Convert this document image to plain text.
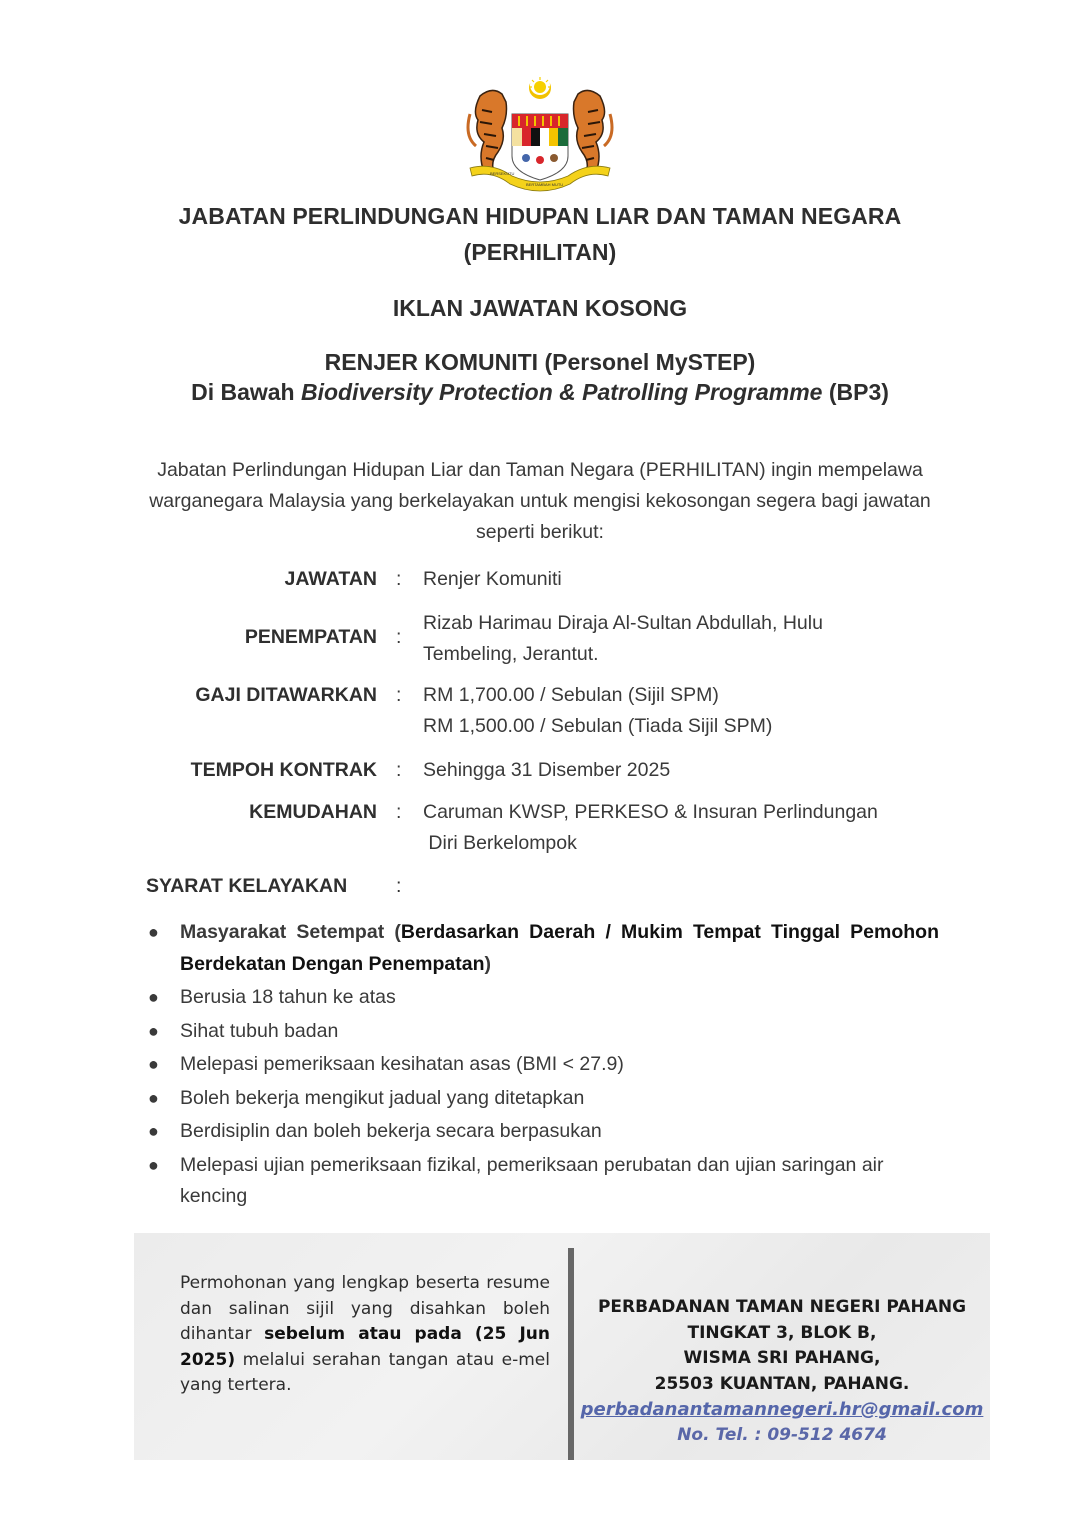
BERSEKUTU
BERTAMBAH MUTU
JABATAN PERLINDUNGAN HIDUPAN LIAR DAN TAMAN NEGARA
(PERHILITAN)
IKLAN JAWATAN KOSONG
RENJER KOMUNITI (Personel MySTEP)
Di Bawah Biodiversity Protection & Patrolling Programme (BP3)
Jabatan Perlindungan Hidupan Liar dan Taman Negara (PERHILITAN) ingin mempelawa warganegara Malaysia yang berkelayakan untuk mengisi kekosongan segera bagi jawatan seperti berikut:
JAWATAN : Renjer Komuniti
PENEMPATAN :
Rizab Harimau Diraja Al-Sultan Abdullah, Hulu
Tembeling, Jerantut.
GAJI DITAWARKAN : RM 1,700.00 / Sebulan (Sijil SPM)
RM 1,500.00 / Sebulan (Tiada Sijil SPM)
TEMPOH KONTRAK : Sehingga 31 Disember 2025
KEMUDAHAN : Caruman KWSP, PERKESO & Insuran Perlindungan
Diri Berkelompok
SYARAT KELAYAKAN	:
● Masyarakat Setempat (Berdasarkan Daerah / Mukim Tempat Tinggal Pemohon Berdekatan Dengan Penempatan)
● Berusia 18 tahun ke atas
● Sihat tubuh badan
● Melepasi pemeriksaan kesihatan asas (BMI < 27.9)
● Boleh bekerja mengikut jadual yang ditetapkan
● Berdisiplin dan boleh bekerja secara berpasukan
● Melepasi ujian pemeriksaan fizikal, pemeriksaan perubatan dan ujian saringan air kencing
Permohonan yang lengkap beserta resume dan salinan sijil yang disahkan boleh dihantar sebelum atau pada (25 Jun 2025) melalui serahan tangan atau e-mel yang tertera.
PERBADANAN TAMAN NEGERI PAHANG
TINGKAT 3, BLOK B,
WISMA SRI PAHANG,
25503 KUANTAN, PAHANG.
perbadanantamannegeri.hr@gmail.com
No. Tel. : 09-512 4674
